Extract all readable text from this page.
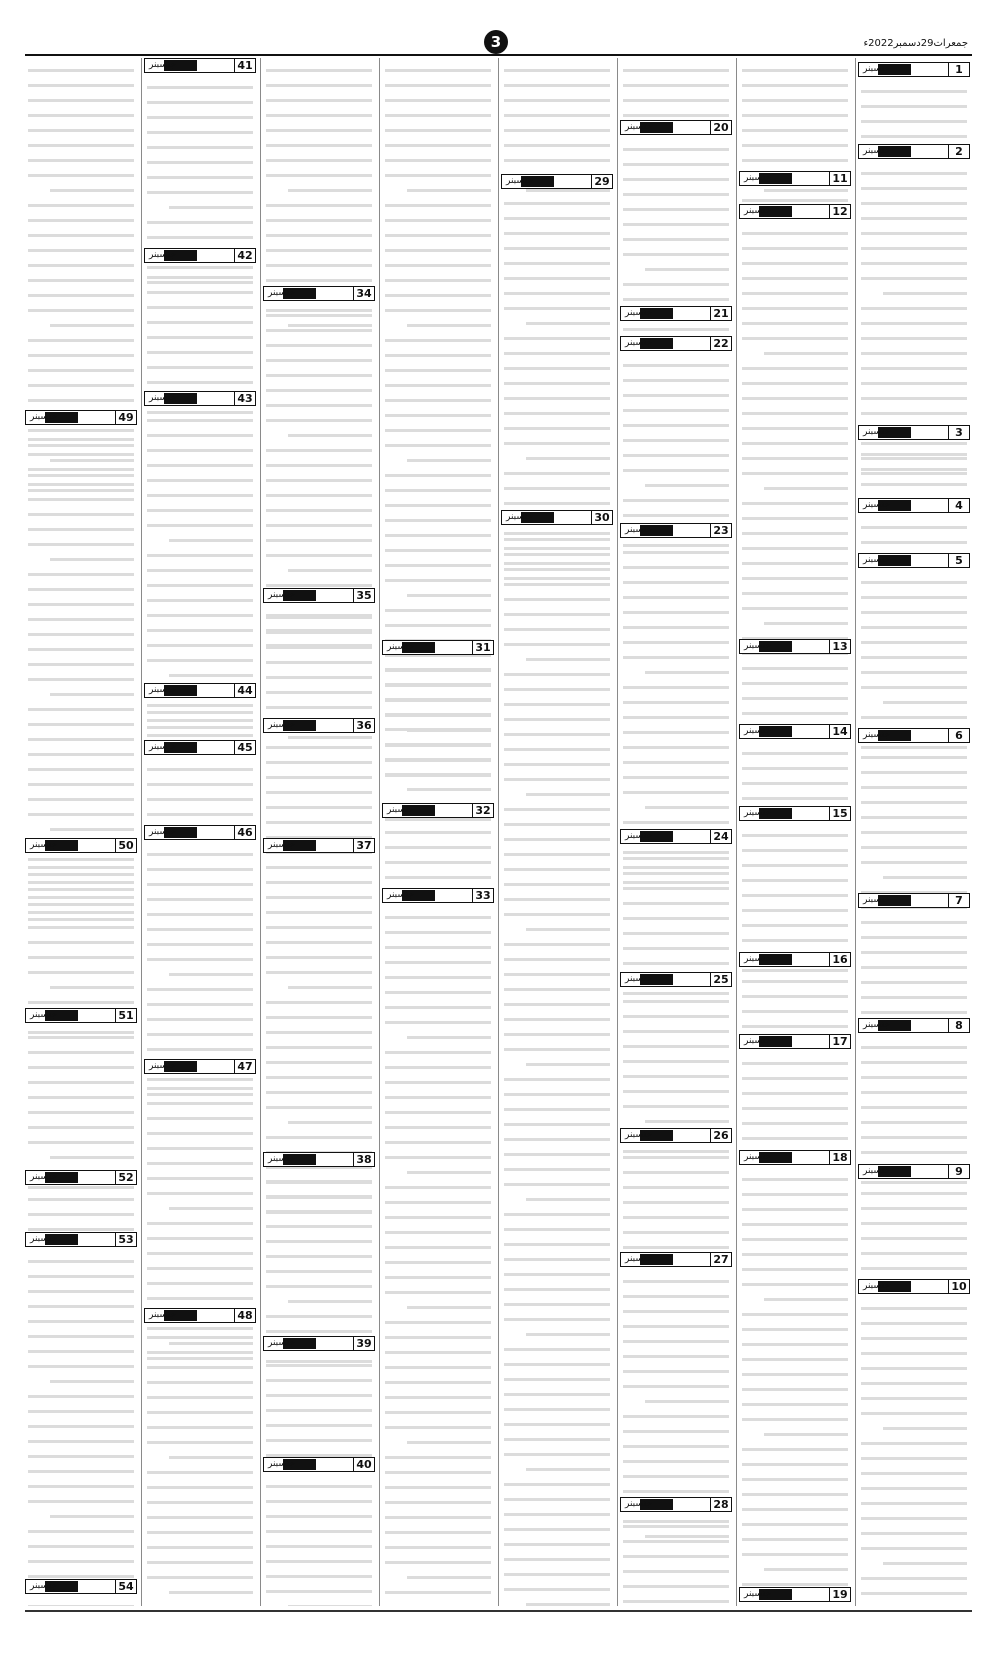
3	جمعرات29دسمبر2022ء
1
جتسبنر
2
جتسبنر
3
جتسبنر
4
جتسبنر
5
جتسبنر
6
جتسبنر
7
جتسبنر
8
جتسبنر
9
جتسبنر
10
جتسبنر
11
جتسبنر
12
جتسبنر
13
جتسبنر
14
جتسبنر
15
جتسبنر
16
جتسبنر
17
جتسبنر
18
جتسبنر
19
جتسبنر
20
جتسبنر
21
جتسبنر
22
جتسبنر
23
جتسبنر
24
جتسبنر
25
جتسبنر
26
جتسبنر
27
جتسبنر
28
جتسبنر
29
جتسبنر
30
جتسبنر
31
جتسبنر
32
جتسبنر
33
جتسبنر
34
جتسبنر
35
جتسبنر
36
جتسبنر
37
جتسبنر
38
جتسبنر
39
جتسبنر
40
جتسبنر
41
جتسبنر
42
جتسبنر
43
جتسبنر
44
جتسبنر
45
جتسبنر
46
جتسبنر
47
جتسبنر
48
جتسبنر
49
جتسبنر
50
جتسبنر
51
جتسبنر
52
جتسبنر
53
جتسبنر
54
جتسبنر
